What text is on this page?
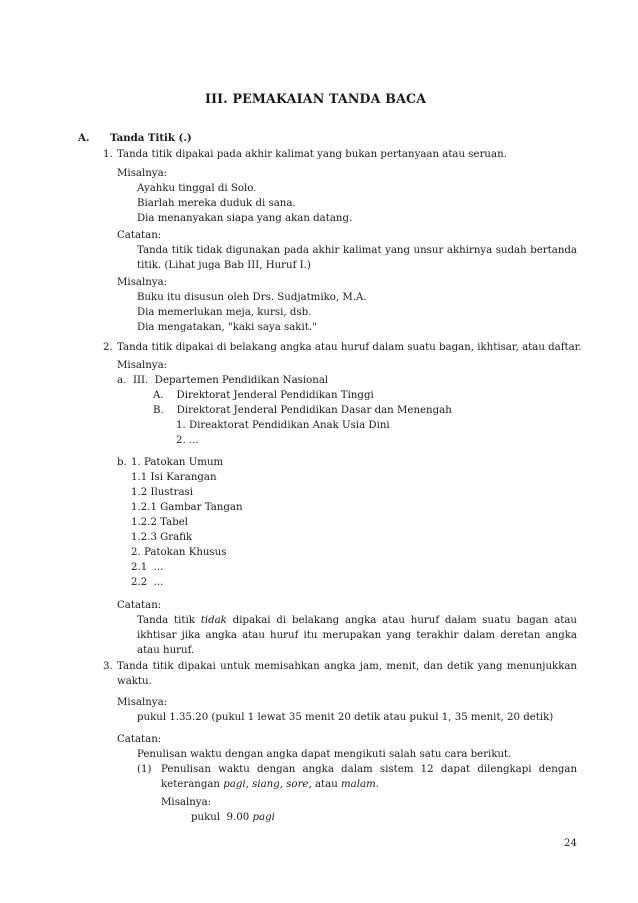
III. PEMAKAIAN TANDA BACA
A. Tanda Titik (.)
1. Tanda titik dipakai pada akhir kalimat yang bukan pertanyaan atau seruan.
Misalnya:
Ayahku tinggal di Solo.
Biarlah mereka duduk di sana.
Dia menanyakan siapa yang akan datang.
Catatan:
Tanda titik tidak digunakan pada akhir kalimat yang unsur akhirnya sudah bertanda
titik. (Lihat juga Bab III, Huruf I.)
Misalnya:
Buku itu disusun oleh Drs. Sudjatmiko, M.A.
Dia memerlukan meja, kursi, dsb.
Dia mengatakan, "kaki saya sakit."
2. Tanda titik dipakai di belakang angka atau huruf dalam suatu bagan, ikhtisar, atau daftar.
Misalnya:
a. III.  Departemen Pendidikan Nasional
A.    Direktorat Jenderal Pendidikan Tinggi
B.    Direktorat Jenderal Pendidikan Dasar dan Menengah
1. Direaktorat Pendidikan Anak Usia Dini
2. ...
b. 1. Patokan Umum
1.1 Isi Karangan
1.2 Ilustrasi
1.2.1 Gambar Tangan
1.2.2 Tabel
1.2.3 Grafik
2. Patokan Khusus
2.1  ...
2.2  ...
Catatan:
Tanda titik tidak dipakai di belakang angka atau huruf dalam suatu bagan atau ikhtisar jika angka atau huruf itu merupakan yang terakhir dalam deretan angka atau huruf.
3. Tanda titik dipakai untuk memisahkan angka jam, menit, dan detik yang menunjukkan waktu.
Misalnya:
pukul 1.35.20 (pukul 1 lewat 35 menit 20 detik atau pukul 1, 35 menit, 20 detik)
Catatan:
Penulisan waktu dengan angka dapat mengikuti salah satu cara berikut.
(1) Penulisan waktu dengan angka dalam sistem 12 dapat dilengkapi dengan
keterangan pagi, siang, sore, atau malam.
Misalnya:
pukul  9.00 pagi
24
